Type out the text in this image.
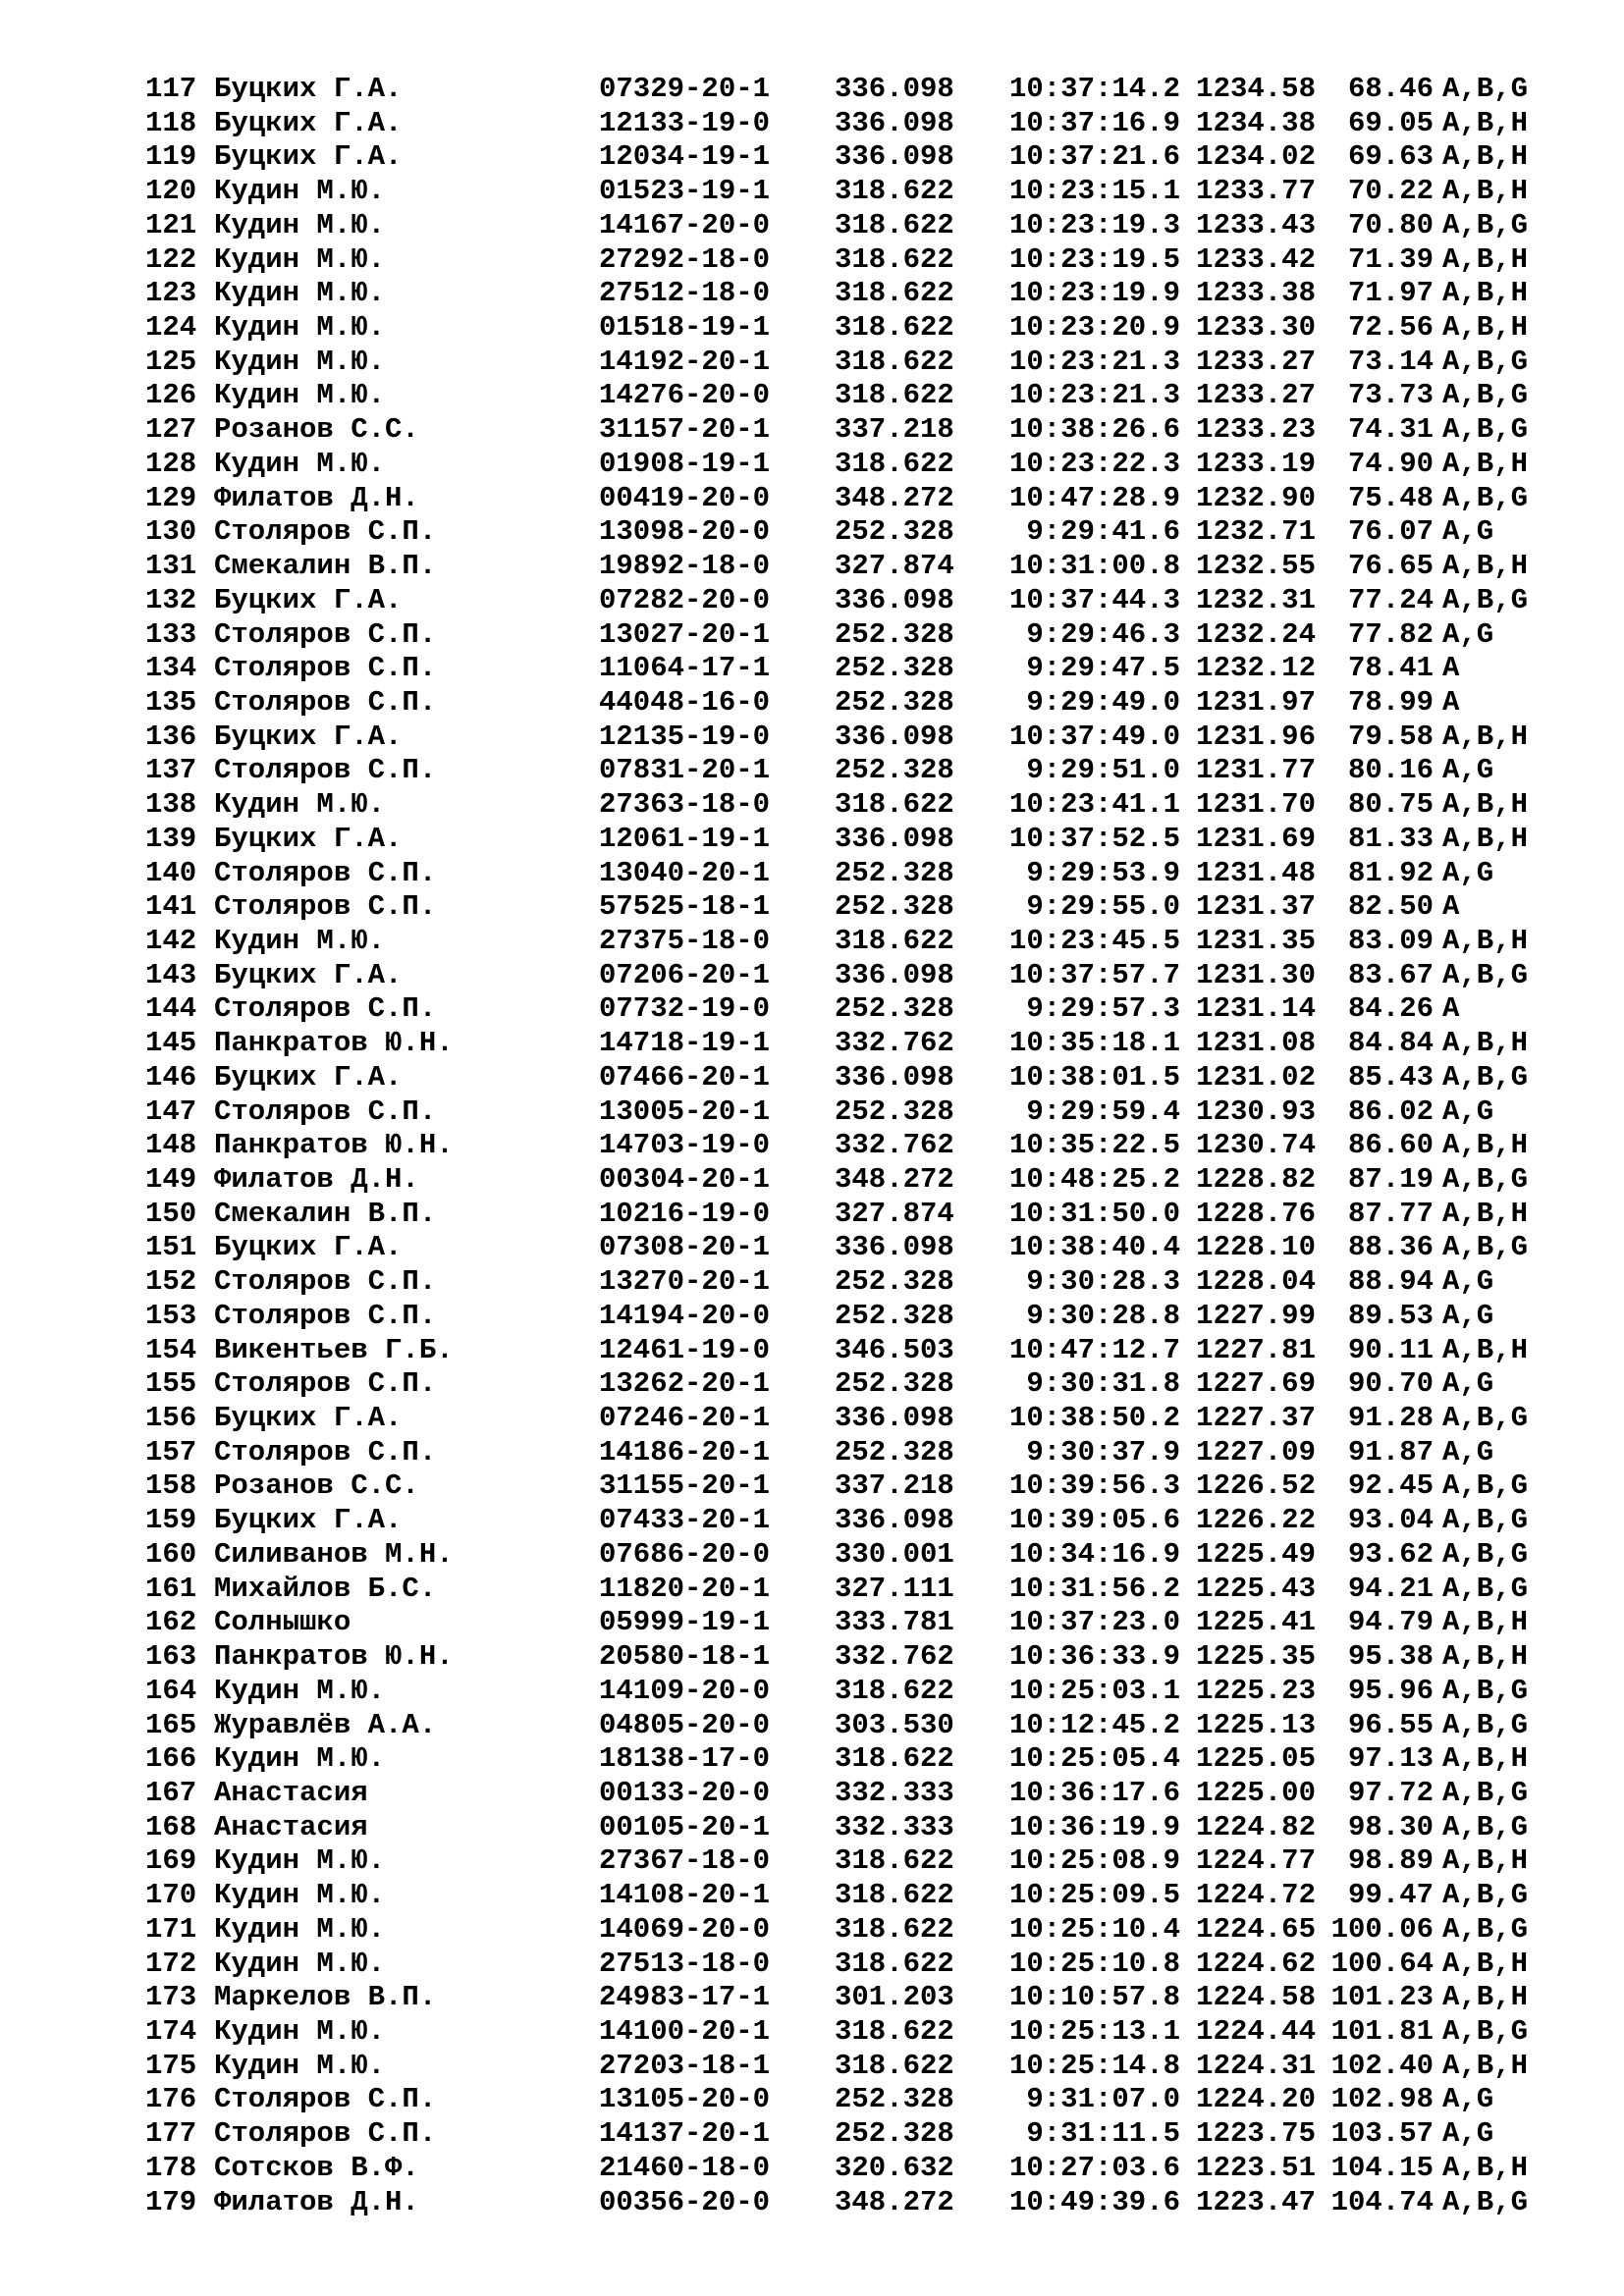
117 Буцких Г.А.	07329-20-1 336.098	10:37:14.2 1234.58	68.46 A,B,G
118 Буцких Г.А.	12133-19-0 336.098	10:37:16.9 1234.38	69.05 A,B,H
119 Буцких Г.А.	12034-19-1 336.098	10:37:21.6 1234.02	69.63 A,B,H
120 Кудин М.Ю.	01523-19-1 318.622	10:23:15.1 1233.77	70.22 A,B,H
121 Кудин М.Ю.	14167-20-0 318.622	10:23:19.3 1233.43	70.80 A,B,G
122 Кудин М.Ю.	27292-18-0 318.622	10:23:19.5 1233.42	71.39 A,B,H
123 Кудин М.Ю.	27512-18-0 318.622	10:23:19.9 1233.38	71.97 A,B,H
124 Кудин М.Ю.	01518-19-1 318.622	10:23:20.9 1233.30	72.56 A,B,H
125 Кудин М.Ю.	14192-20-1 318.622	10:23:21.3 1233.27	73.14 A,B,G
126 Кудин М.Ю.	14276-20-0 318.622	10:23:21.3 1233.27	73.73 A,B,G
127 Розанов С.С.	31157-20-1 337.218	10:38:26.6 1233.23	74.31 A,B,G
128 Кудин М.Ю.	01908-19-1 318.622	10:23:22.3 1233.19	74.90 A,B,H
129 Филатов Д.Н.	00419-20-0 348.272	10:47:28.9 1232.90	75.48 A,B,G
130 Столяров С.П.	13098-20-0 252.328	9:29:41.6 1232.71	76.07 A,G
131 Смекалин В.П.	19892-18-0 327.874	10:31:00.8 1232.55	76.65 A,B,H
132 Буцких Г.А.	07282-20-0 336.098	10:37:44.3 1232.31	77.24 A,B,G
133 Столяров С.П.	13027-20-1 252.328	9:29:46.3 1232.24	77.82 A,G
134 Столяров С.П.	11064-17-1 252.328	9:29:47.5 1232.12	78.41 A
135 Столяров С.П.	44048-16-0 252.328	9:29:49.0 1231.97	78.99 A
136 Буцких Г.А.	12135-19-0 336.098	10:37:49.0 1231.96	79.58 A,B,H
137 Столяров С.П.	07831-20-1 252.328	9:29:51.0 1231.77	80.16 A,G
138 Кудин М.Ю.	27363-18-0 318.622	10:23:41.1 1231.70	80.75 A,B,H
139 Буцких Г.А.	12061-19-1 336.098	10:37:52.5 1231.69	81.33 A,B,H
140 Столяров С.П.	13040-20-1 252.328	9:29:53.9 1231.48	81.92 A,G
141 Столяров С.П.	57525-18-1 252.328	9:29:55.0 1231.37	82.50 A
142 Кудин М.Ю.	27375-18-0 318.622	10:23:45.5 1231.35	83.09 A,B,H
143 Буцких Г.А.	07206-20-1 336.098	10:37:57.7 1231.30	83.67 A,B,G
144 Столяров С.П.	07732-19-0 252.328	9:29:57.3 1231.14	84.26 A
145 Панкратов Ю.Н.	14718-19-1 332.762	10:35:18.1 1231.08	84.84 A,B,H
146 Буцких Г.А.	07466-20-1 336.098	10:38:01.5 1231.02	85.43 A,B,G
147 Столяров С.П.	13005-20-1 252.328	9:29:59.4 1230.93	86.02 A,G
148 Панкратов Ю.Н.	14703-19-0 332.762	10:35:22.5 1230.74	86.60 A,B,H
149 Филатов Д.Н.	00304-20-1 348.272	10:48:25.2 1228.82	87.19 A,B,G
150 Смекалин В.П.	10216-19-0 327.874	10:31:50.0 1228.76	87.77 A,B,H
151 Буцких Г.А.	07308-20-1 336.098	10:38:40.4 1228.10	88.36 A,B,G
152 Столяров С.П.	13270-20-1 252.328	9:30:28.3 1228.04	88.94 A,G
153 Столяров С.П.	14194-20-0 252.328	9:30:28.8 1227.99	89.53 A,G
154 Викентьев Г.Б.	12461-19-0 346.503	10:47:12.7 1227.81	90.11 A,B,H
155 Столяров С.П.	13262-20-1 252.328	9:30:31.8 1227.69	90.70 A,G
156 Буцких Г.А.	07246-20-1 336.098	10:38:50.2 1227.37	91.28 A,B,G
157 Столяров С.П.	14186-20-1 252.328	9:30:37.9 1227.09	91.87 A,G
158 Розанов С.С.	31155-20-1 337.218	10:39:56.3 1226.52	92.45 A,B,G
159 Буцких Г.А.	07433-20-1 336.098	10:39:05.6 1226.22	93.04 A,B,G
160 Силиванов М.Н.	07686-20-0 330.001	10:34:16.9 1225.49	93.62 A,B,G
161 Михайлов Б.С.	11820-20-1 327.111	10:31:56.2 1225.43	94.21 A,B,G
162 Солнышко	05999-19-1 333.781	10:37:23.0 1225.41	94.79 A,B,H
163 Панкратов Ю.Н.	20580-18-1 332.762	10:36:33.9 1225.35	95.38 A,B,H
164 Кудин М.Ю.	14109-20-0 318.622	10:25:03.1 1225.23	95.96 A,B,G
165 Журавлёв А.А.	04805-20-0 303.530	10:12:45.2 1225.13	96.55 A,B,G
166 Кудин М.Ю.	18138-17-0 318.622	10:25:05.4 1225.05	97.13 A,B,H
167 Анастасия	00133-20-0 332.333	10:36:17.6 1225.00	97.72 A,B,G
168 Анастасия	00105-20-1 332.333	10:36:19.9 1224.82	98.30 A,B,G
169 Кудин М.Ю.	27367-18-0 318.622	10:25:08.9 1224.77	98.89 A,B,H
170 Кудин М.Ю.	14108-20-1 318.622	10:25:09.5 1224.72	99.47 A,B,G
171 Кудин М.Ю.	14069-20-0 318.622	10:25:10.4 1224.65 100.06 A,B,G
172 Кудин М.Ю.	27513-18-0 318.622	10:25:10.8 1224.62 100.64 A,B,H
173 Маркелов В.П.	24983-17-1 301.203	10:10:57.8 1224.58 101.23 A,B,H
174 Кудин М.Ю.	14100-20-1 318.622	10:25:13.1 1224.44 101.81 A,B,G
175 Кудин М.Ю.	27203-18-1 318.622	10:25:14.8 1224.31 102.40 A,B,H
176 Столяров С.П.	13105-20-0 252.328	9:31:07.0 1224.20 102.98 A,G
177 Столяров С.П.	14137-20-1 252.328	9:31:11.5 1223.75 103.57 A,G
178 Сотсков В.Ф.	21460-18-0 320.632	10:27:03.6 1223.51 104.15 A,B,H
179 Филатов Д.Н.	00356-20-0 348.272	10:49:39.6 1223.47 104.74 A,B,G
